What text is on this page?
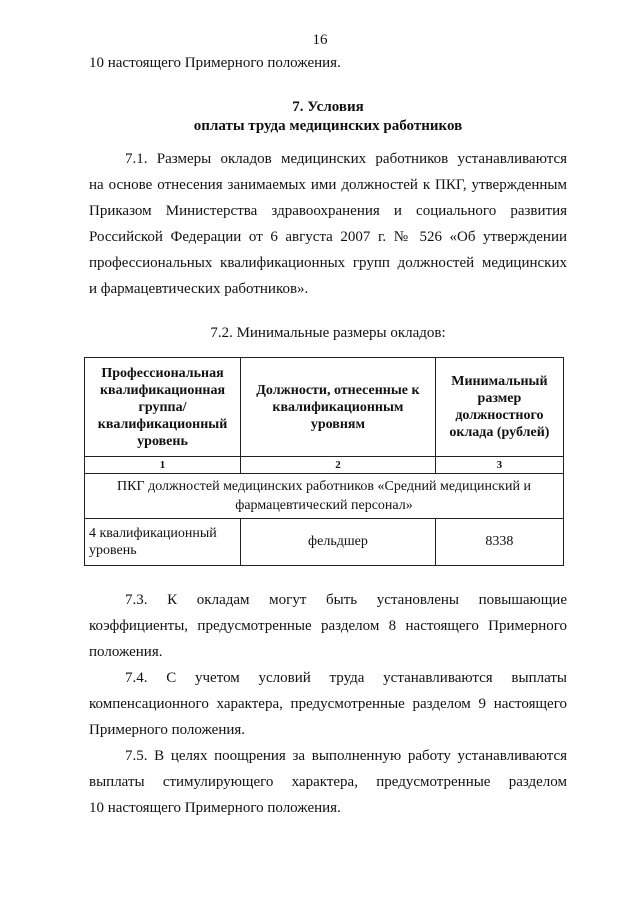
16
10 настоящего Примерного положения.
7. Условия
оплаты труда медицинских работников
7.1. Размеры окладов медицинских работников устанавливаются
на основе отнесения занимаемых ими должностей к ПКГ, утвержденным
Приказом Министерства здравоохранения и социального развития
Российской Федерации от 6 августа 2007 г. № 526 «Об утверждении
профессиональных квалификационных групп должностей медицинских
и фармацевтических работников».
7.2. Минимальные размеры окладов:
Профессиональная квалификационная группа/ квалификационный уровень	Должности, отнесенные к квалификационным уровням	Минимальный размер должностного оклада (рублей)
1	2	3
ПКГ должностей медицинских работников «Средний медицинский и фармацевтический персонал»		
4 квалификационный уровень	фельдшер	8338
7.3. К окладам могут быть установлены повышающие
коэффициенты, предусмотренные разделом 8 настоящего Примерного
положения.
7.4. С учетом условий труда устанавливаются выплаты
компенсационного характера, предусмотренные разделом 9 настоящего
Примерного положения.
7.5. В целях поощрения за выполненную работу устанавливаются
выплаты стимулирующего характера, предусмотренные разделом
10 настоящего Примерного положения.
